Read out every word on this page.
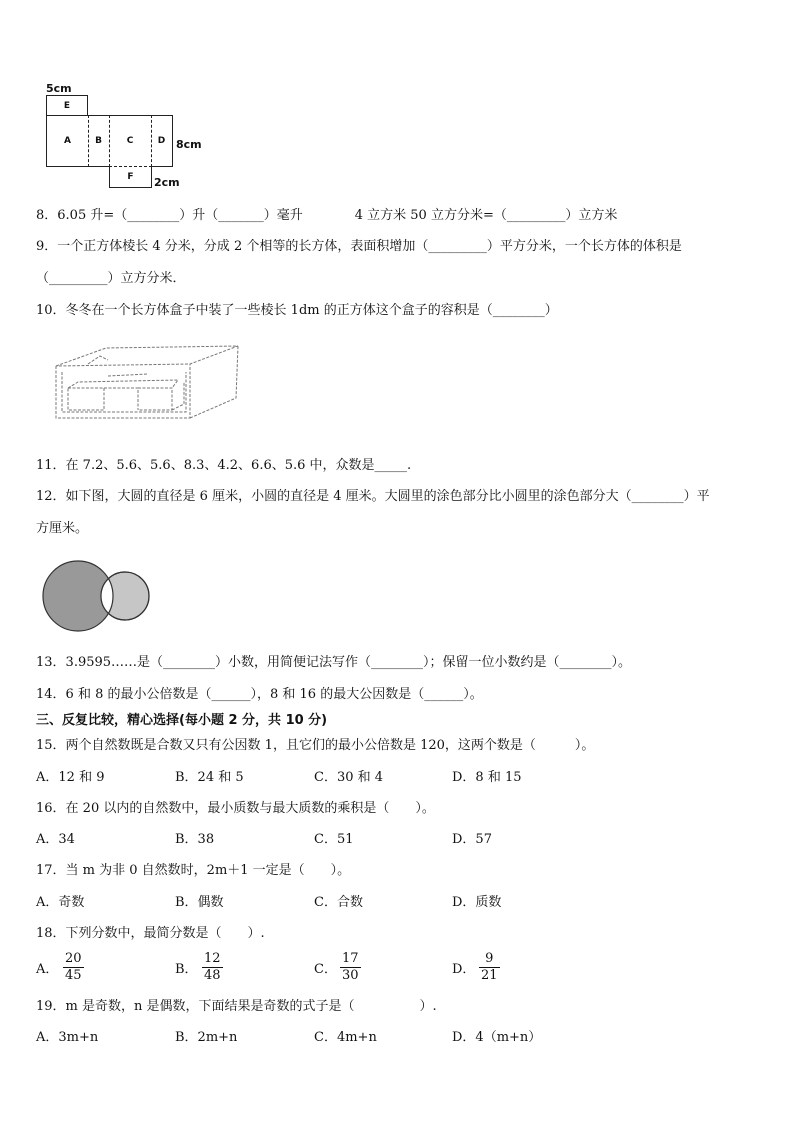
5cm
E
A	B	C	D 8cm
F	2cm
8．6.05 升=（________）升（_______）毫升　　　　4 立方米 50 立方分米=（_________）立方米
9．一个正方体棱长 4 分米，分成 2 个相等的长方体，表面积增加（_________）平方分米，一个长方体的体积是
（_________）立方分米．
10．冬冬在一个长方体盒子中装了一些棱长 1dm 的正方体这个盒子的容积是（________）
11．在 7.2、5.6、5.6、8.3、4.2、6.6、5.6 中，众数是_____.
12．如下图，大圆的直径是 6 厘米，小圆的直径是 4 厘米。大圆里的涂色部分比小圆里的涂色部分大（________）平
方厘米。
13．3.9595……是（________）小数，用简便记法写作（________）；保留一位小数约是（________）。
14．6 和 8 的最小公倍数是（______），8 和 16 的最大公因数是（______）。
三、反复比较，精心选择(每小题 2 分，共 10 分)
15．两个自然数既是合数又只有公因数 1，且它们的最小公倍数是 120，这两个数是（　　　）。
A．12 和 9	B．24 和 5	C．30 和 4	D．8 和 15
16．在 20 以内的自然数中，最小质数与最大质数的乘积是（　　）。
A．34	B．38	C．51	D．57
17．当 m 为非 0 自然数时，2m＋1 一定是（　　）。
A．奇数	B．偶数	C．合数	D．质数
18．下列分数中，最简分数是（　　）.
A． $\frac{20}{45}$	B． $\frac{12}{48}$	C． $\frac{17}{30}$	D． $\frac{9}{21}$
19．m 是奇数，n 是偶数，下面结果是奇数的式子是（　　　　　）.
A．3m+n	B．2m+n	C．4m+n	D．4（m+n）
